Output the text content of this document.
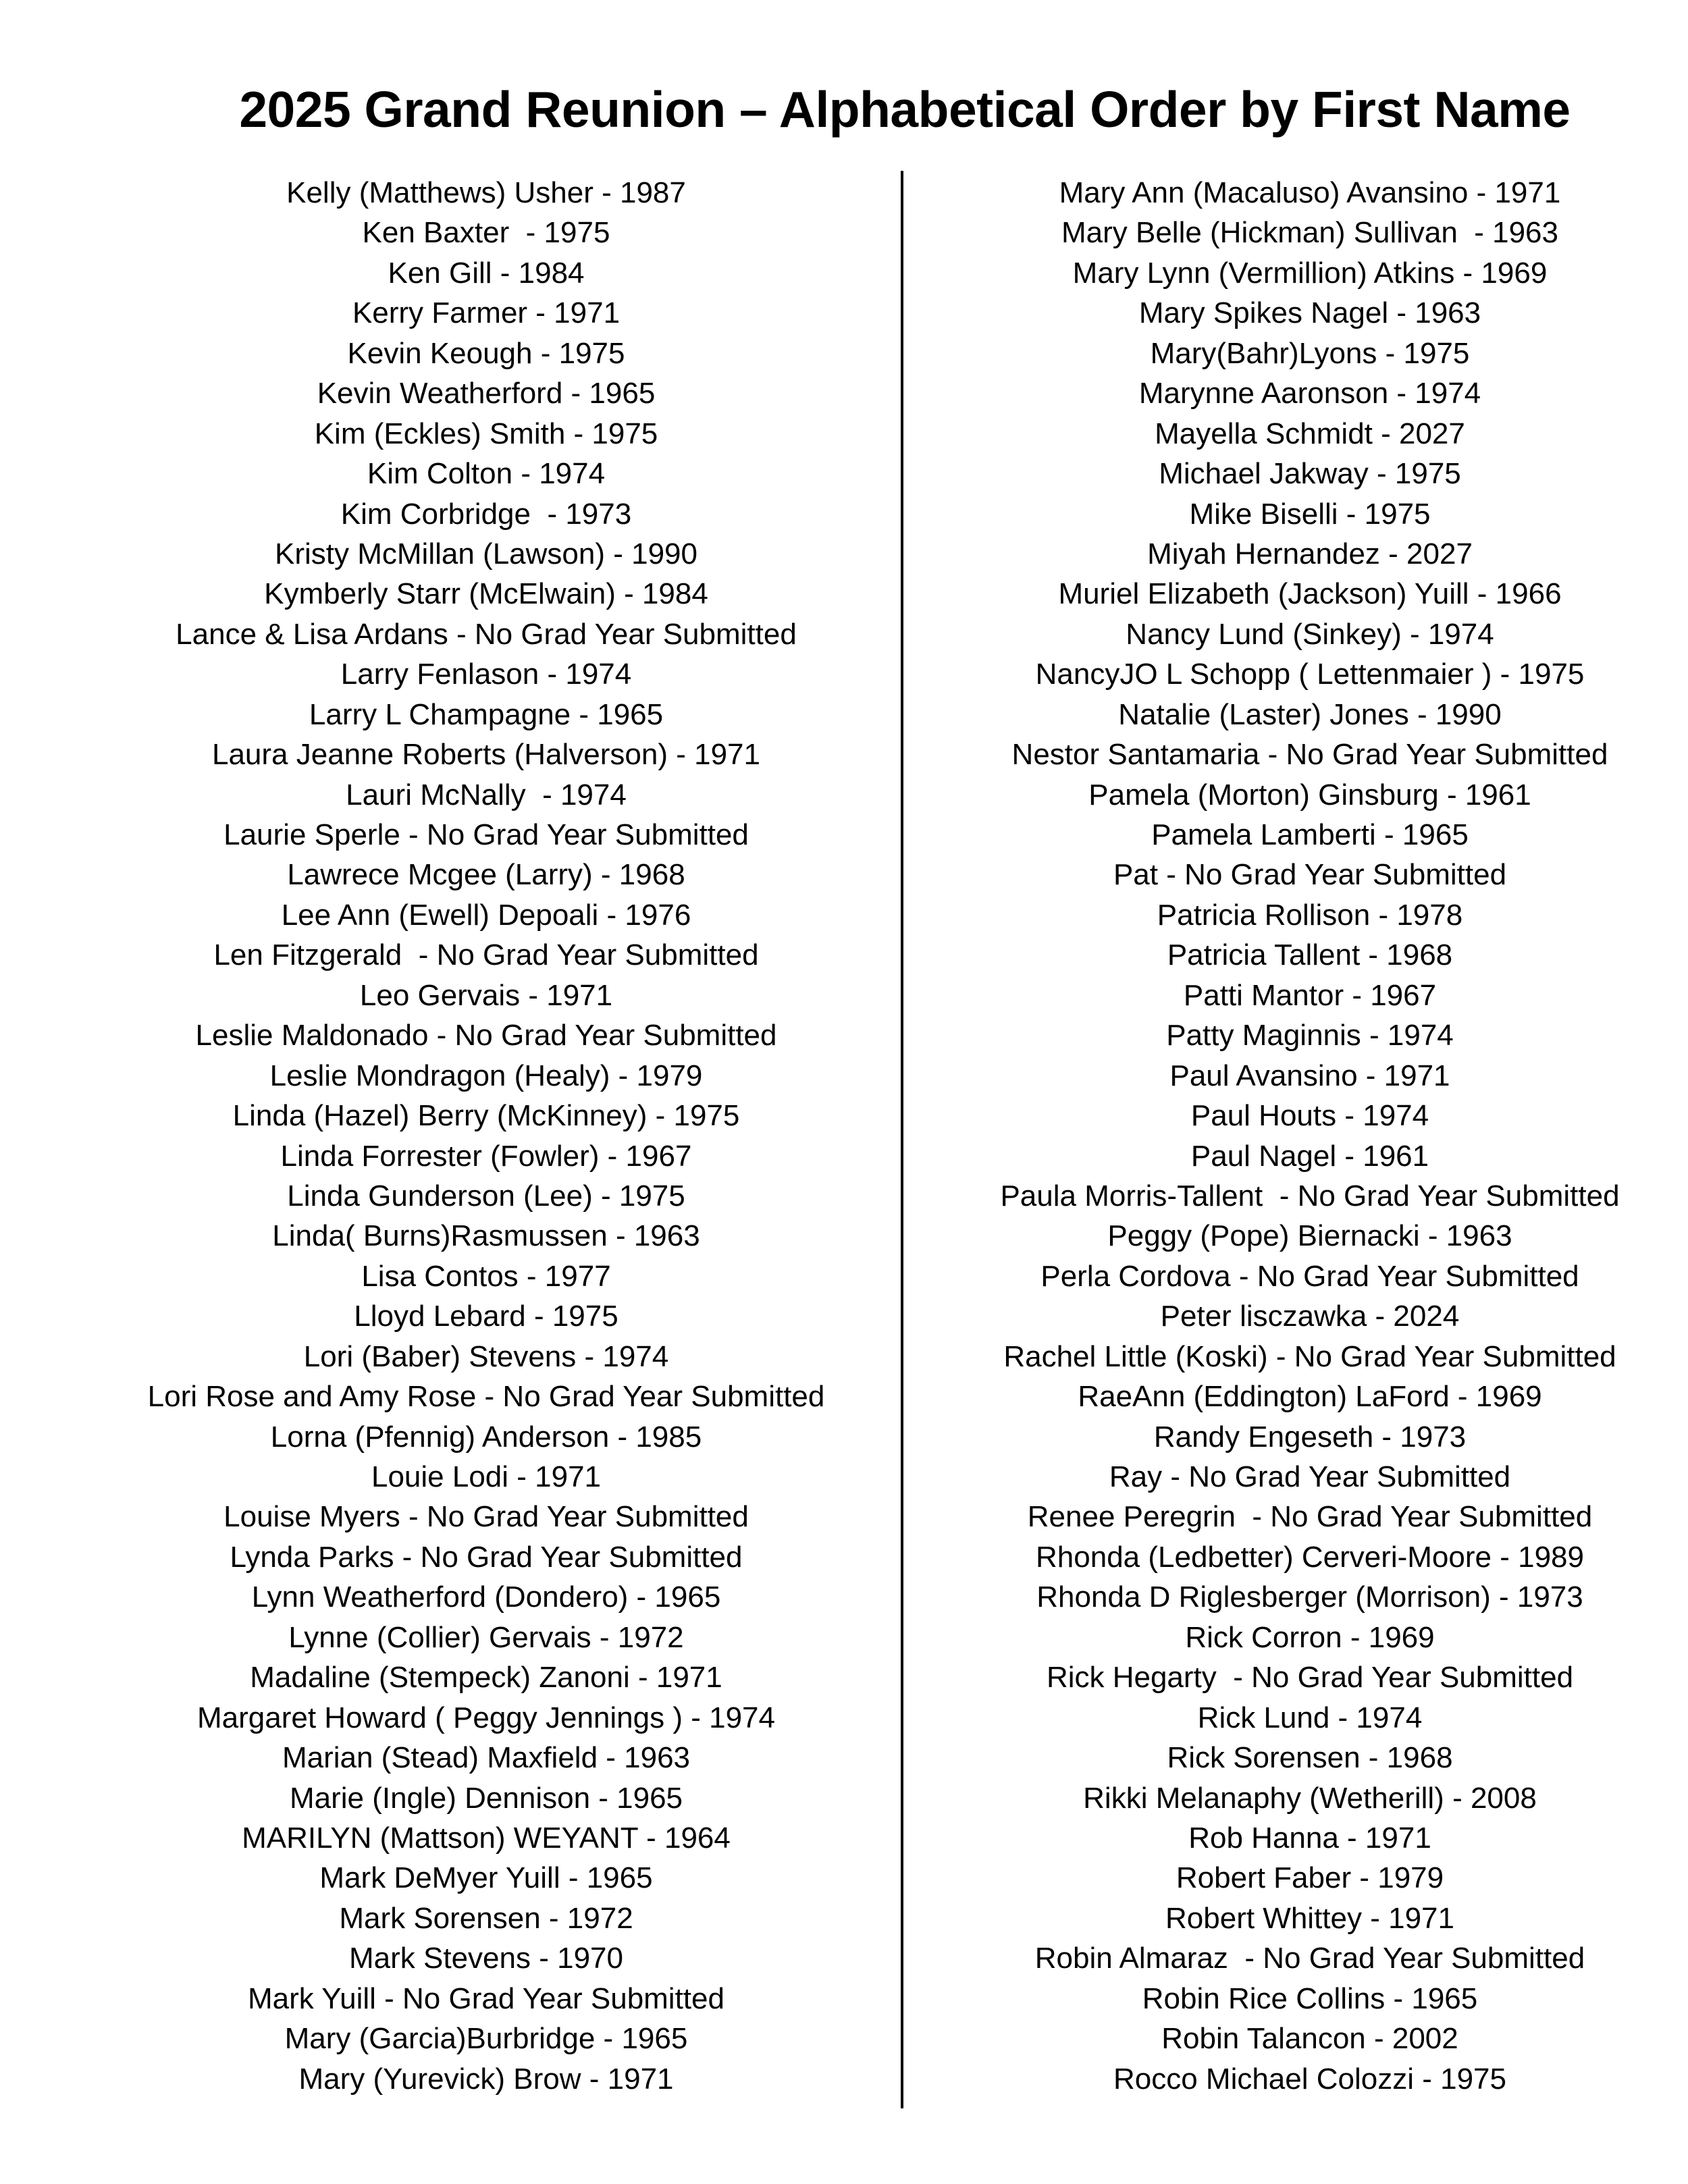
2025 Grand Reunion – Alphabetical Order by First Name
Kelly (Matthews) Usher - 1987
Ken Baxter  - 1975
Ken Gill - 1984
Kerry Farmer - 1971
Kevin Keough - 1975
Kevin Weatherford - 1965
Kim (Eckles) Smith - 1975
Kim Colton - 1974
Kim Corbridge  - 1973
Kristy McMillan (Lawson) - 1990
Kymberly Starr (McElwain) - 1984
Lance & Lisa Ardans - No Grad Year Submitted
Larry Fenlason - 1974
Larry L Champagne - 1965
Laura Jeanne Roberts (Halverson) - 1971
Lauri McNally  - 1974
Laurie Sperle - No Grad Year Submitted
Lawrece Mcgee (Larry) - 1968
Lee Ann (Ewell) Depoali - 1976
Len Fitzgerald  - No Grad Year Submitted
Leo Gervais - 1971
Leslie Maldonado - No Grad Year Submitted
Leslie Mondragon (Healy) - 1979
Linda (Hazel) Berry (McKinney) - 1975
Linda Forrester (Fowler) - 1967
Linda Gunderson (Lee) - 1975
Linda( Burns)Rasmussen - 1963
Lisa Contos - 1977
Lloyd Lebard - 1975
Lori (Baber) Stevens - 1974
Lori Rose and Amy Rose - No Grad Year Submitted
Lorna (Pfennig) Anderson - 1985
Louie Lodi - 1971
Louise Myers - No Grad Year Submitted
Lynda Parks - No Grad Year Submitted
Lynn Weatherford (Dondero) - 1965
Lynne (Collier) Gervais - 1972
Madaline (Stempeck) Zanoni - 1971
Margaret Howard ( Peggy Jennings ) - 1974
Marian (Stead) Maxfield - 1963
Marie (Ingle) Dennison - 1965
MARILYN (Mattson) WEYANT - 1964
Mark DeMyer Yuill - 1965
Mark Sorensen - 1972
Mark Stevens - 1970
Mark Yuill - No Grad Year Submitted
Mary (Garcia)Burbridge - 1965
Mary (Yurevick) Brow - 1971
Mary Ann (Macaluso) Avansino - 1971
Mary Belle (Hickman) Sullivan  - 1963
Mary Lynn (Vermillion) Atkins - 1969
Mary Spikes Nagel - 1963
Mary(Bahr)Lyons - 1975
Marynne Aaronson - 1974
Mayella Schmidt - 2027
Michael Jakway - 1975
Mike Biselli - 1975
Miyah Hernandez - 2027
Muriel Elizabeth (Jackson) Yuill - 1966
Nancy Lund (Sinkey) - 1974
NancyJO L Schopp ( Lettenmaier ) - 1975
Natalie (Laster) Jones - 1990
Nestor Santamaria - No Grad Year Submitted
Pamela (Morton) Ginsburg - 1961
Pamela Lamberti - 1965
Pat - No Grad Year Submitted
Patricia Rollison - 1978
Patricia Tallent - 1968
Patti Mantor - 1967
Patty Maginnis - 1974
Paul Avansino - 1971
Paul Houts - 1974
Paul Nagel - 1961
Paula Morris-Tallent  - No Grad Year Submitted
Peggy (Pope) Biernacki - 1963
Perla Cordova - No Grad Year Submitted
Peter lisczawka - 2024
Rachel Little (Koski) - No Grad Year Submitted
RaeAnn (Eddington) LaFord - 1969
Randy Engeseth - 1973
Ray - No Grad Year Submitted
Renee Peregrin  - No Grad Year Submitted
Rhonda (Ledbetter) Cerveri-Moore - 1989
Rhonda D Riglesberger (Morrison) - 1973
Rick Corron - 1969
Rick Hegarty  - No Grad Year Submitted
Rick Lund - 1974
Rick Sorensen - 1968
Rikki Melanaphy (Wetherill) - 2008
Rob Hanna - 1971
Robert Faber - 1979
Robert Whittey - 1971
Robin Almaraz  - No Grad Year Submitted
Robin Rice Collins - 1965
Robin Talancon - 2002
Rocco Michael Colozzi - 1975
